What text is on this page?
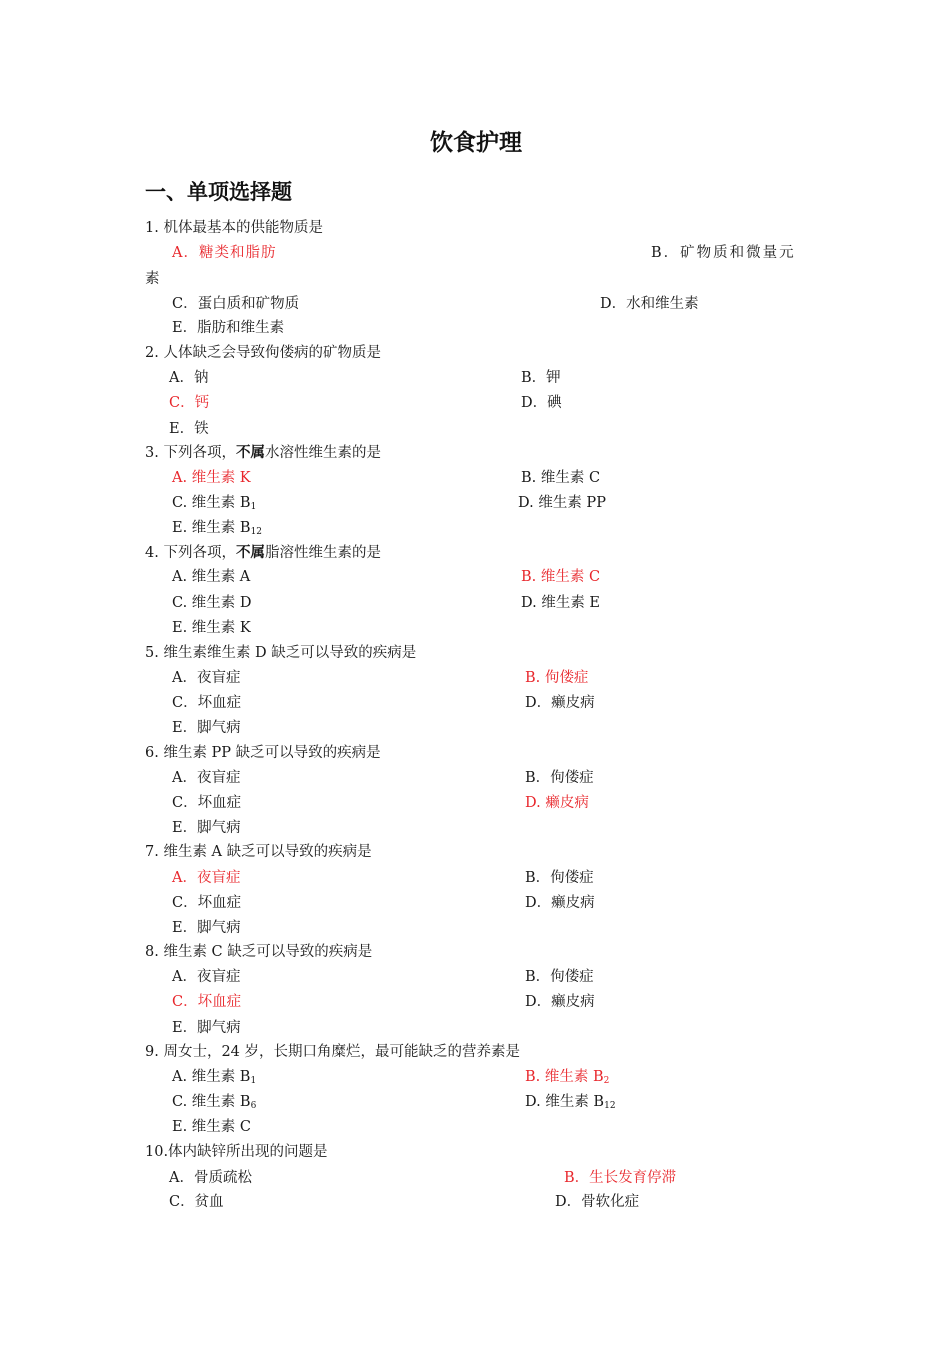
饮食护理
一、单项选择题
1. 机体最基本的供能物质是
A．糖类和脂肪	B．矿物质和微量元
素
C．蛋白质和矿物质	D．水和维生素
E．脂肪和维生素
2. 人体缺乏会导致佝偻病的矿物质是
A．钠	B．钾
C．钙	D．碘
E．铁
3. 下列各项，不属水溶性维生素的是
A. 维生素 K	B. 维生素 C
C. 维生素 $B_1$	D. 维生素 PP
E. 维生素 $B_{12}$
4. 下列各项，不属脂溶性维生素的是
A. 维生素 A	B. 维生素 C
C. 维生素 D	D. 维生素 E
E. 维生素 K
5. 维生素维生素 D 缺乏可以导致的疾病是
A．夜盲症	B. 佝偻症
C．坏血症	D．癞皮病
E．脚气病
6. 维生素 PP 缺乏可以导致的疾病是
A．夜盲症	B．佝偻症
C．坏血症	D. 癞皮病
E．脚气病
7. 维生素 A 缺乏可以导致的疾病是
A．夜盲症	B．佝偻症
C．坏血症	D．癞皮病
E．脚气病
8. 维生素 C 缺乏可以导致的疾病是
A．夜盲症	B．佝偻症
C．坏血症	D．癞皮病
E．脚气病
9. 周女士，24 岁，长期口角糜烂，最可能缺乏的营养素是
A. 维生素 $B_1$	B. 维生素 $B_2$
C. 维生素 $B_6$	D. 维生素 $B_{12}$
E. 维生素 C
10.体内缺锌所出现的问题是
A．骨质疏松	B．生长发育停滞
C．贫血	D．骨软化症
